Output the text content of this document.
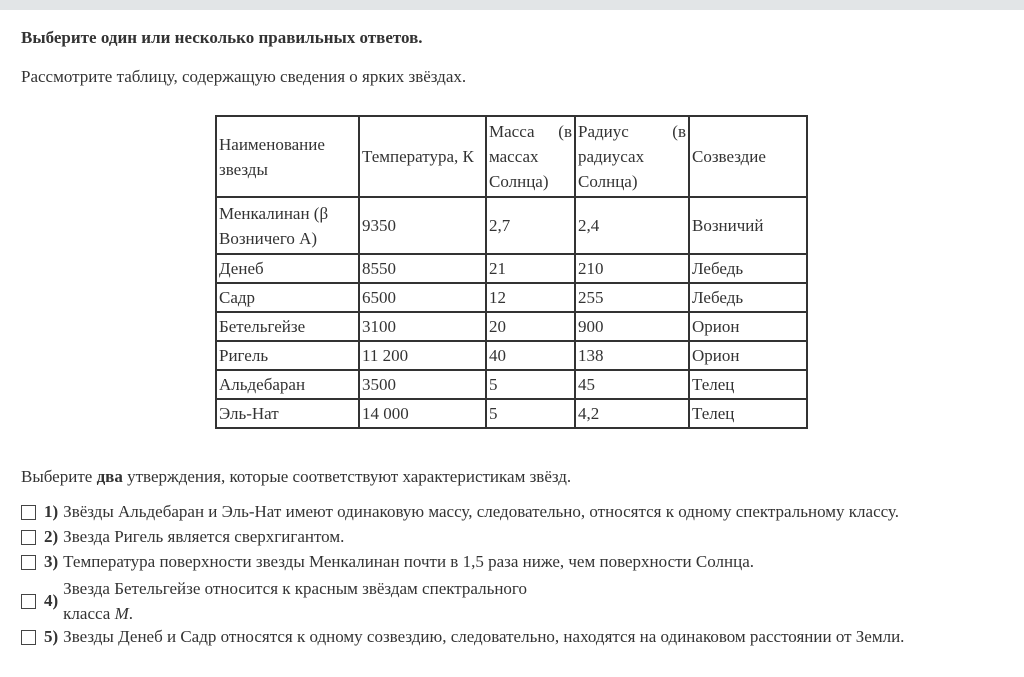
Выберите один или несколько правильных ответов.
Рассмотрите таблицу, содержащую сведения о ярких звёздах.
Наименование звезды	Температура, К	Масса (в массах Солнца)	Радиус (в радиусах Солнца)	Созвездие
Менкалинан (β Возничего А)	9350	2,7	2,4	Возничий
Денеб	8550	21	210	Лебедь
Садр	6500	12	255	Лебедь
Бетельгейзе	3100	20	900	Орион
Ригель	11 200	40	138	Орион
Альдебаран	3500	5	45	Телец
Эль-Нат	14 000	5	4,2	Телец
Выберите два утверждения, которые соответствуют характеристикам звёзд.
1) Звёзды Альдебаран и Эль-Нат имеют одинаковую массу, следовательно, относятся к одному спектральному классу.
2) Звезда Ригель является сверхгигантом.
3) Температура поверхности звезды Менкалинан почти в 1,5 раза ниже, чем поверхности Солнца.
4)
Звезда Бетельгейзе относится к красным звёздам спектрального
класса M.
5) Звезды Денеб и Садр относятся к одному созвездию, следовательно, находятся на одинаковом расстоянии от Земли.
